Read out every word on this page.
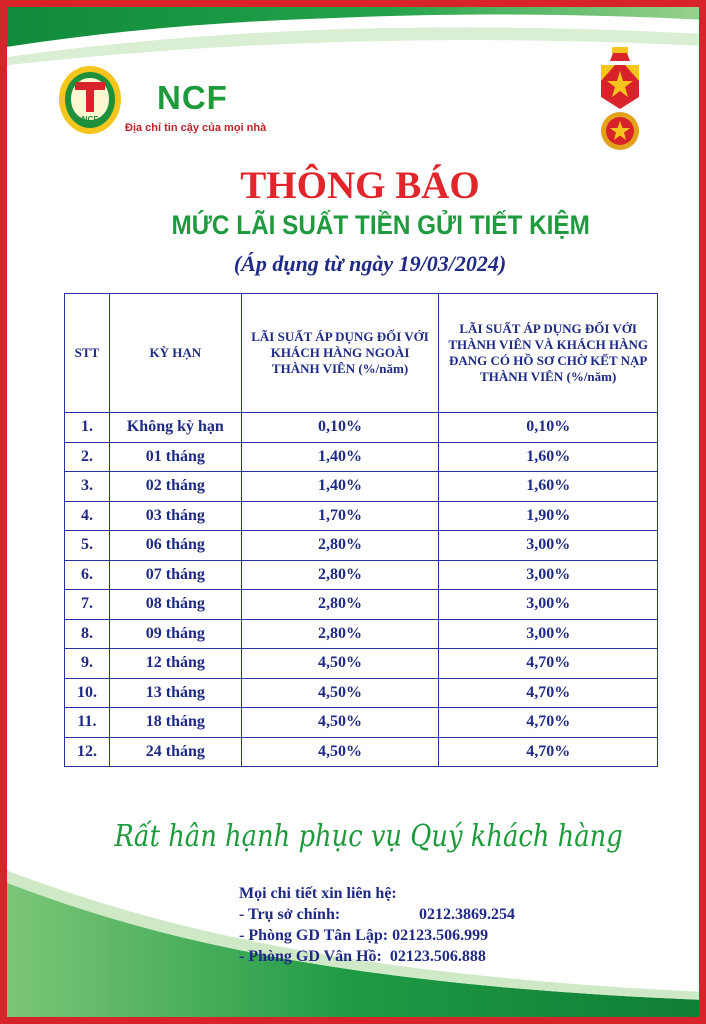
NCF
NCF
Địa chỉ tin cậy của mọi nhà
THÔNG BÁO
MỨC LÃI SUẤT TIỀN GỬI TIẾT KIỆM
(Áp dụng từ ngày 19/03/2024)
STT	KỲ HẠN	LÃI SUẤT ÁP DỤNG ĐỐI VỚI KHÁCH HÀNG NGOÀI THÀNH VIÊN (%/năm)	LÃI SUẤT ÁP DỤNG ĐỐI VỚI THÀNH VIÊN VÀ KHÁCH HÀNG ĐANG CÓ HỒ SƠ CHỜ KẾT NẠP THÀNH VIÊN (%/năm)
1.	Không kỳ hạn	0,10%	0,10%
2.	01 tháng	1,40%	1,60%
3.	02 tháng	1,40%	1,60%
4.	03 tháng	1,70%	1,90%
5.	06 tháng	2,80%	3,00%
6.	07 tháng	2,80%	3,00%
7.	08 tháng	2,80%	3,00%
8.	09 tháng	2,80%	3,00%
9.	12 tháng	4,50%	4,70%
10.	13 tháng	4,50%	4,70%
11.	18 tháng	4,50%	4,70%
12.	24 tháng	4,50%	4,70%
Rất hân hạnh phục vụ Quý khách hàng
Mọi chi tiết xin liên hệ:
- Trụ sở chính:	0212.3869.254
- Phòng GD Tân Lập: 02123.506.999
- Phòng GD Vân Hồ: 02123.506.888
